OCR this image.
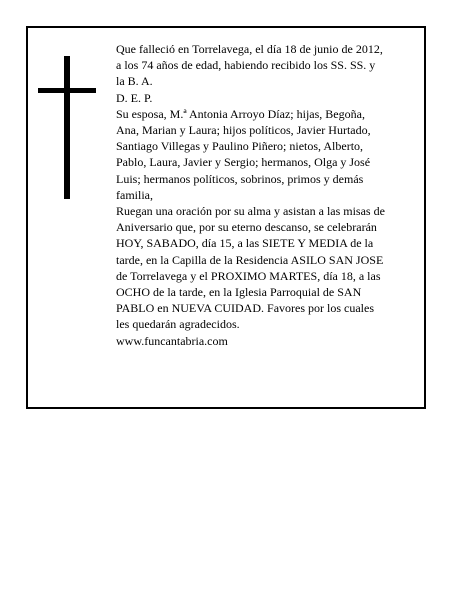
Que falleció en Torrelavega, el día 18 de junio de 2012,
a los 74 años de edad, habiendo recibido los SS. SS. y
la B. A.

D. E. P.

Su esposa, M.ª Antonia Arroyo Díaz; hijas, Begoña,
Ana, Marian y Laura; hijos políticos, Javier Hurtado,
Santiago Villegas y Paulino Piñero; nietos, Alberto,
Pablo, Laura, Javier y Sergio; hermanos, Olga y José
Luis; hermanos políticos, sobrinos, primos y demás
familia,

Ruegan una oración por su alma y asistan a las misas de
Aniversario que, por su eterno descanso, se celebrarán
HOY, SABADO, día 15, a las SIETE Y MEDIA de la
tarde, en la Capilla de la Residencia ASILO SAN JOSE
de Torrelavega y el PROXIMO MARTES, día 18, a las
OCHO de la tarde, en la Iglesia Parroquial de SAN
PABLO en NUEVA CUIDAD. Favores por los cuales
les quedarán agradecidos.

www.funcantabria.com
